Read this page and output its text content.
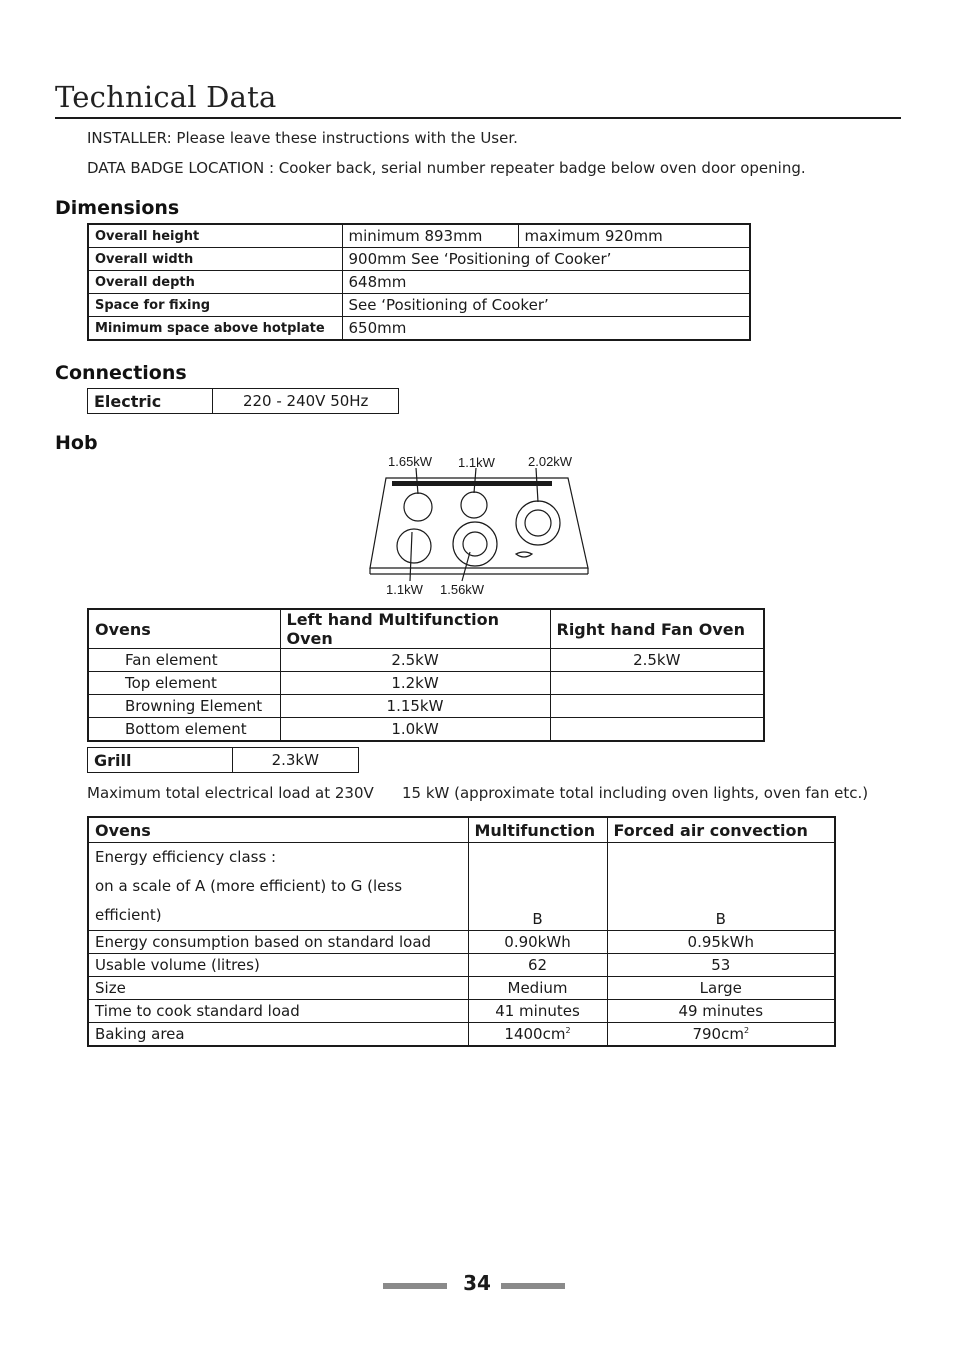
Technical Data
INSTALLER: Please leave these instructions with the User.
DATA BADGE LOCATION : Cooker back, serial number repeater badge below oven door opening.
Dimensions
Overall height	minimum 893mm	maximum 920mm
Overall width	900mm See ‘Positioning of Cooker’	
Overall depth	648mm	
Space for fixing	See ‘Positioning of Cooker’	
Minimum space above hotplate	650mm	
Connections
Electric	220 - 240V 50Hz
Hob
1.65kW 1.1kW	2.02kW
1.1kW 1.56kW
Ovens	Left hand Multifunction Oven	Right hand Fan Oven
Fan element	2.5kW	2.5kW
Top element	1.2kW	
Browning Element	1.15kW	
Bottom element	1.0kW	
Grill	2.3kW
Maximum total electrical load at 230V 15 kW (approximate total including oven lights, oven fan etc.)
Ovens	Multifunction	Forced air convection

Energy efficiency class :
on a scale of A (more efficient) to G (less efficient)	B	B
Energy consumption based on standard load	0.90kWh	0.95kWh
Usable volume (litres)	62	53
Size	Medium	Large
Time to cook standard load	41 minutes	49 minutes
Baking area	$1400cm^2$	$790cm^2$
34
